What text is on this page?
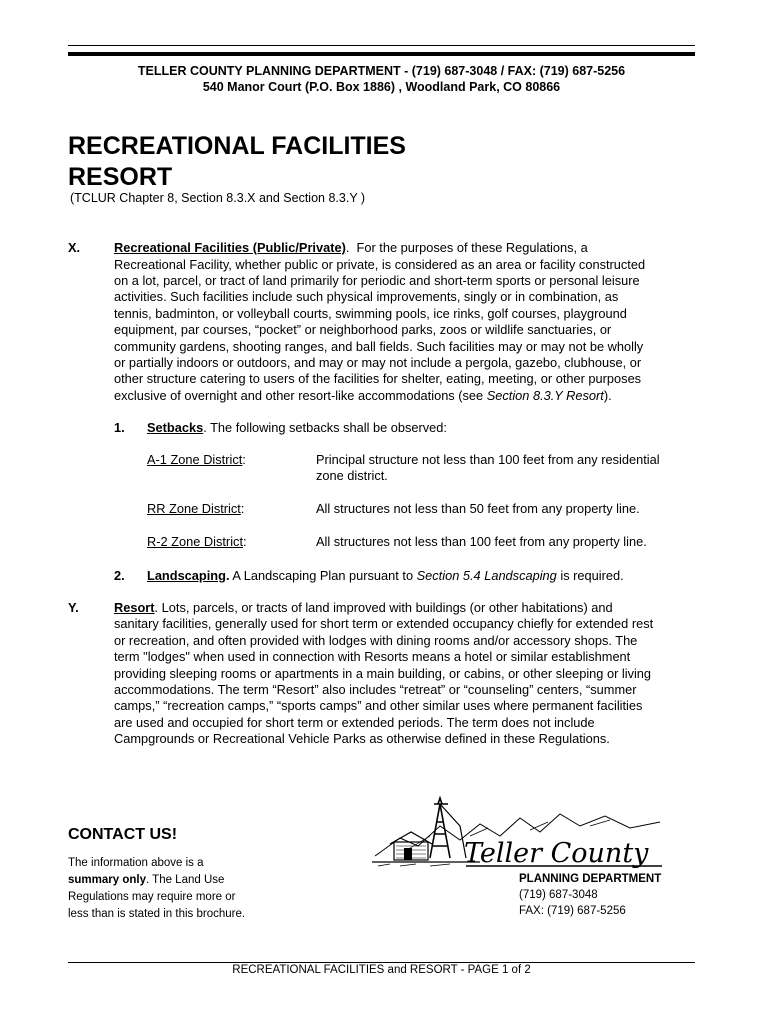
TELLER COUNTY PLANNING DEPARTMENT - (719) 687-3048 / FAX: (719) 687-5256
540 Manor Court (P.O. Box 1886) , Woodland Park, CO 80866
RECREATIONAL FACILITIES
RESORT
(TCLUR Chapter 8, Section 8.3.X and Section 8.3.Y )
X.	Recreational Facilities (Public/Private). For the purposes of these Regulations, a
Recreational Facility, whether public or private, is considered as an area or facility constructed
on a lot, parcel, or tract of land primarily for periodic and short-term sports or personal leisure
activities. Such facilities include such physical improvements, singly or in combination, as
tennis, badminton, or volleyball courts, swimming pools, ice rinks, golf courses, playground
equipment, par courses, “pocket” or neighborhood parks, zoos or wildlife sanctuaries, or
community gardens, shooting ranges, and ball fields. Such facilities may or may not be wholly
or partially indoors or outdoors, and may or may not include a pergola, gazebo, clubhouse, or
other structure catering to users of the facilities for shelter, eating, meeting, or other purposes
exclusive of overnight and other resort-like accommodations (see Section 8.3.Y Resort).
1. Setbacks. The following setbacks shall be observed:
A-1 Zone District:	Principal structure not less than 100 feet from any residential
zone district.
RR Zone District:	All structures not less than 50 feet from any property line.
R-2 Zone District:	All structures not less than 100 feet from any property line.
2. Landscaping. A Landscaping Plan pursuant to Section 5.4 Landscaping is required.
Y.	Resort. Lots, parcels, or tracts of land improved with buildings (or other habitations) and
sanitary facilities, generally used for short term or extended occupancy chiefly for extended rest
or recreation, and often provided with lodges with dining rooms and/or accessory shops. The
term "lodges" when used in connection with Resorts means a hotel or similar establishment
providing sleeping rooms or apartments in a main building, or cabins, or other sleeping or living
accommodations. The term “Resort” also includes “retreat” or “counseling” centers, “summer
camps,” “recreation camps,” “sports camps” and other similar uses where permanent facilities
are used and occupied for short term or extended periods. The term does not include
Campgrounds or Recreational Vehicle Parks as otherwise defined in these Regulations.
CONTACT US!
The information above is a
summary only. The Land Use
Regulations may require more or
less than is stated in this brochure.
Teller County
PLANNING DEPARTMENT
(719) 687-3048
FAX: (719) 687-5256
RECREATIONAL FACILITIES and RESORT - PAGE 1 of 2
